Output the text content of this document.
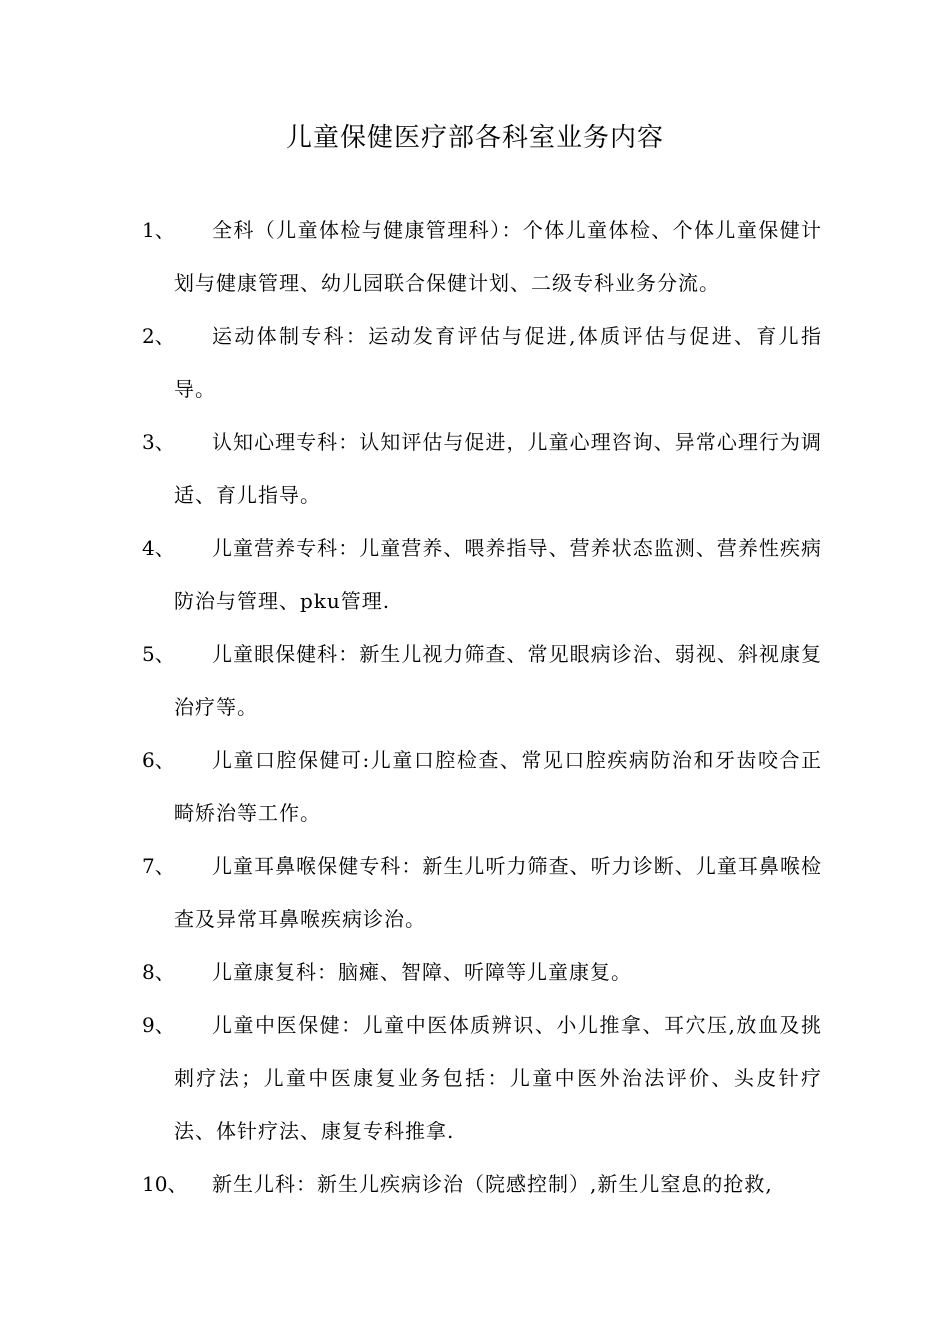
儿童保健医疗部各科室业务内容
1、	全科（儿童体检与健康管理科）：个体儿童体检、个体儿童保健计划与健康管理、幼儿园联合保健计划、二级专科业务分流。
2、	运动体制专科：运动发育评估与促进,体质评估与促进、育儿指导。
3、	认知心理专科：认知评估与促进，儿童心理咨询、异常心理行为调适、育儿指导。
4、	儿童营养专科：儿童营养、喂养指导、营养状态监测、营养性疾病防治与管理、pku管理.
5、	儿童眼保健科：新生儿视力筛查、常见眼病诊治、弱视、斜视康复治疗等。
6、	儿童口腔保健可:儿童口腔检查、常见口腔疾病防治和牙齿咬合正畸矫治等工作。
7、	儿童耳鼻喉保健专科：新生儿听力筛查、听力诊断、儿童耳鼻喉检查及异常耳鼻喉疾病诊治。
8、	儿童康复科：脑瘫、智障、听障等儿童康复。
9、	儿童中医保健：儿童中医体质辨识、小儿推拿、耳穴压,放血及挑刺疗法；儿童中医康复业务包括：儿童中医外治法评价、头皮针疗法、体针疗法、康复专科推拿.
10、	新生儿科：新生儿疾病诊治（院感控制）,新生儿窒息的抢救,
